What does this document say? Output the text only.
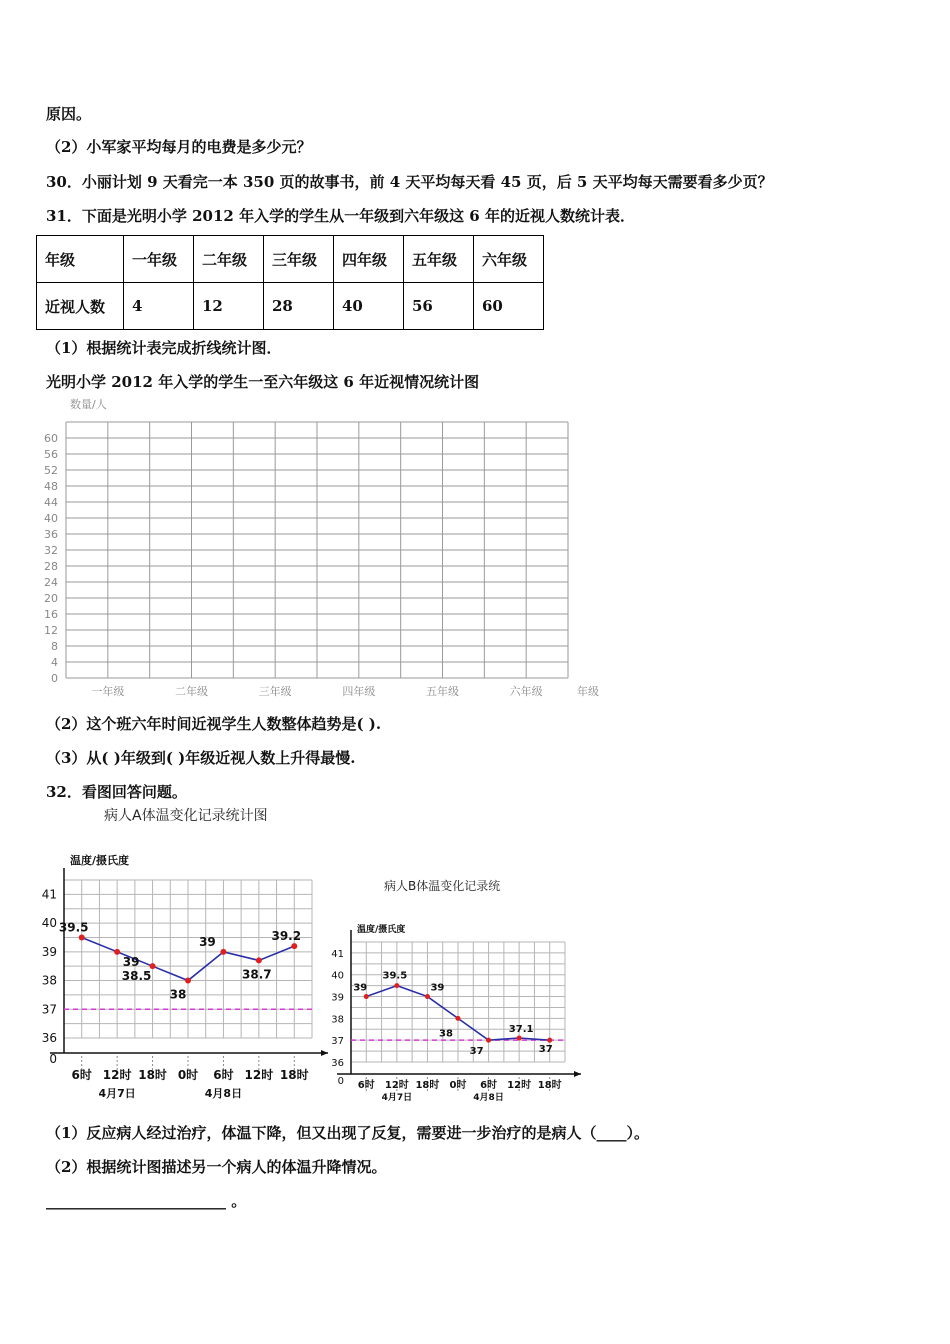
原因。
（2）小军家平均每月的电费是多少元？
30．小丽计划 9 天看完一本 350 页的故事书，前 4 天平均每天看 45 页，后 5 天平均每天需要看多少页？
31．下面是光明小学 2012 年入学的学生从一年级到六年级这 6 年的近视人数统计表．
年级	一年级	二年级	三年级	四年级	五年级	六年级
近视人数	4	12	28	40	56	60
（1）根据统计表完成折线统计图．
光明小学 2012 年入学的学生一至六年级这 6 年近视情况统计图
数量/人
0
4
8
12
16
20
24
28
32
36
40
44
48
52
56
60
一年级	二年级	三年级	四年级	五年级	六年级	年级
（2）这个班六年时间近视学生人数整体趋势是( ).
（3）从( )年级到( )年级近视人数上升得最慢.
32．看图回答问题。
病人A体温变化记录统计图
温度/摄氏度
0
36
37
38
39
40
41
6时 12时 18时 0时 6时 12时 18时
4月7日	4月8日
39.5
39
38.5
38
39
38.7
39.2
病人B体温变化记录统
温度/摄氏度
0
36
37
38
39
40
41
6时 12时 18时 0时 6时 12时 18时
4月7日	4月8日
39
39.5
39
38
37
37.1
37
（1）反应病人经过治疗，体温下降，但又出现了反复，需要进一步治疗的是病人（____）。
（2）根据统计图描述另一个病人的体温升降情况。
________________________ 。
